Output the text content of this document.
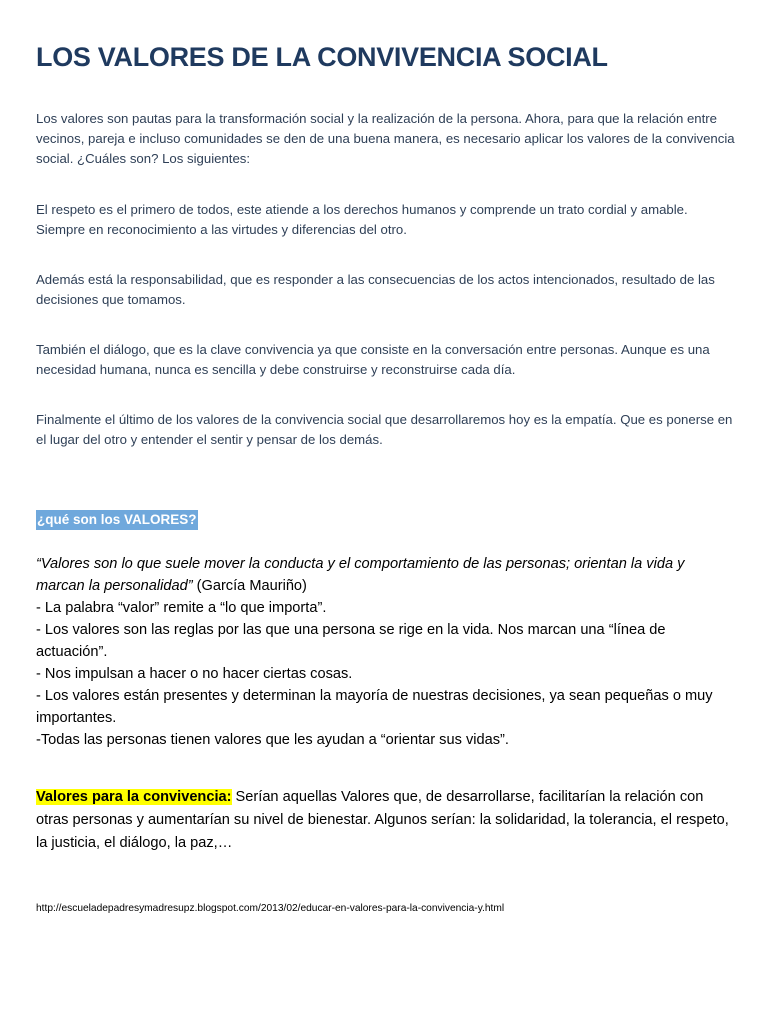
LOS VALORES DE LA CONVIVENCIA SOCIAL

Los valores son pautas para la transformación social y la realización de la persona. Ahora, para que la relación entre vecinos, pareja e incluso comunidades se den de una buena manera, es necesario aplicar los valores de la convivencia social. ¿Cuáles son? Los siguientes:

El respeto es el primero de todos, este atiende a los derechos humanos y comprende un trato cordial y amable. Siempre en reconocimiento a las virtudes y diferencias del otro.

Además está la responsabilidad, que es responder a las consecuencias de los actos intencionados, resultado de las decisiones que tomamos.

También el diálogo, que es la clave convivencia ya que consiste en la conversación entre personas. Aunque es una necesidad humana, nunca es sencilla y debe construirse y reconstruirse cada día.

Finalmente el último de los valores de la convivencia social que desarrollaremos hoy es la empatía. Que es ponerse en el lugar del otro y entender el sentir y pensar de los demás.

¿qué son los VALORES?

“Valores son lo que suele mover la conducta y el comportamiento de las personas; orientan la vida y marcan la personalidad” (García Mauriño)

- La palabra “valor” remite a “lo que importa”.

- Los valores son las reglas por las que una persona se rige en la vida. Nos marcan una “línea de actuación”.

- Nos impulsan a hacer o no hacer ciertas cosas.

- Los valores están presentes y determinan la mayoría de nuestras decisiones, ya sean pequeñas o muy importantes.

-Todas las personas tienen valores que les ayudan a “orientar sus vidas”.

Valores para la convivencia: Serían aquellas Valores que, de desarrollarse, facilitarían la relación con otras personas y aumentarían su nivel de bienestar. Algunos serían: la solidaridad, la tolerancia, el respeto, la justicia, el diálogo, la paz,…

http://escueladepadresymadresupz.blogspot.com/2013/02/educar-en-valores-para-la-convivencia-y.html
